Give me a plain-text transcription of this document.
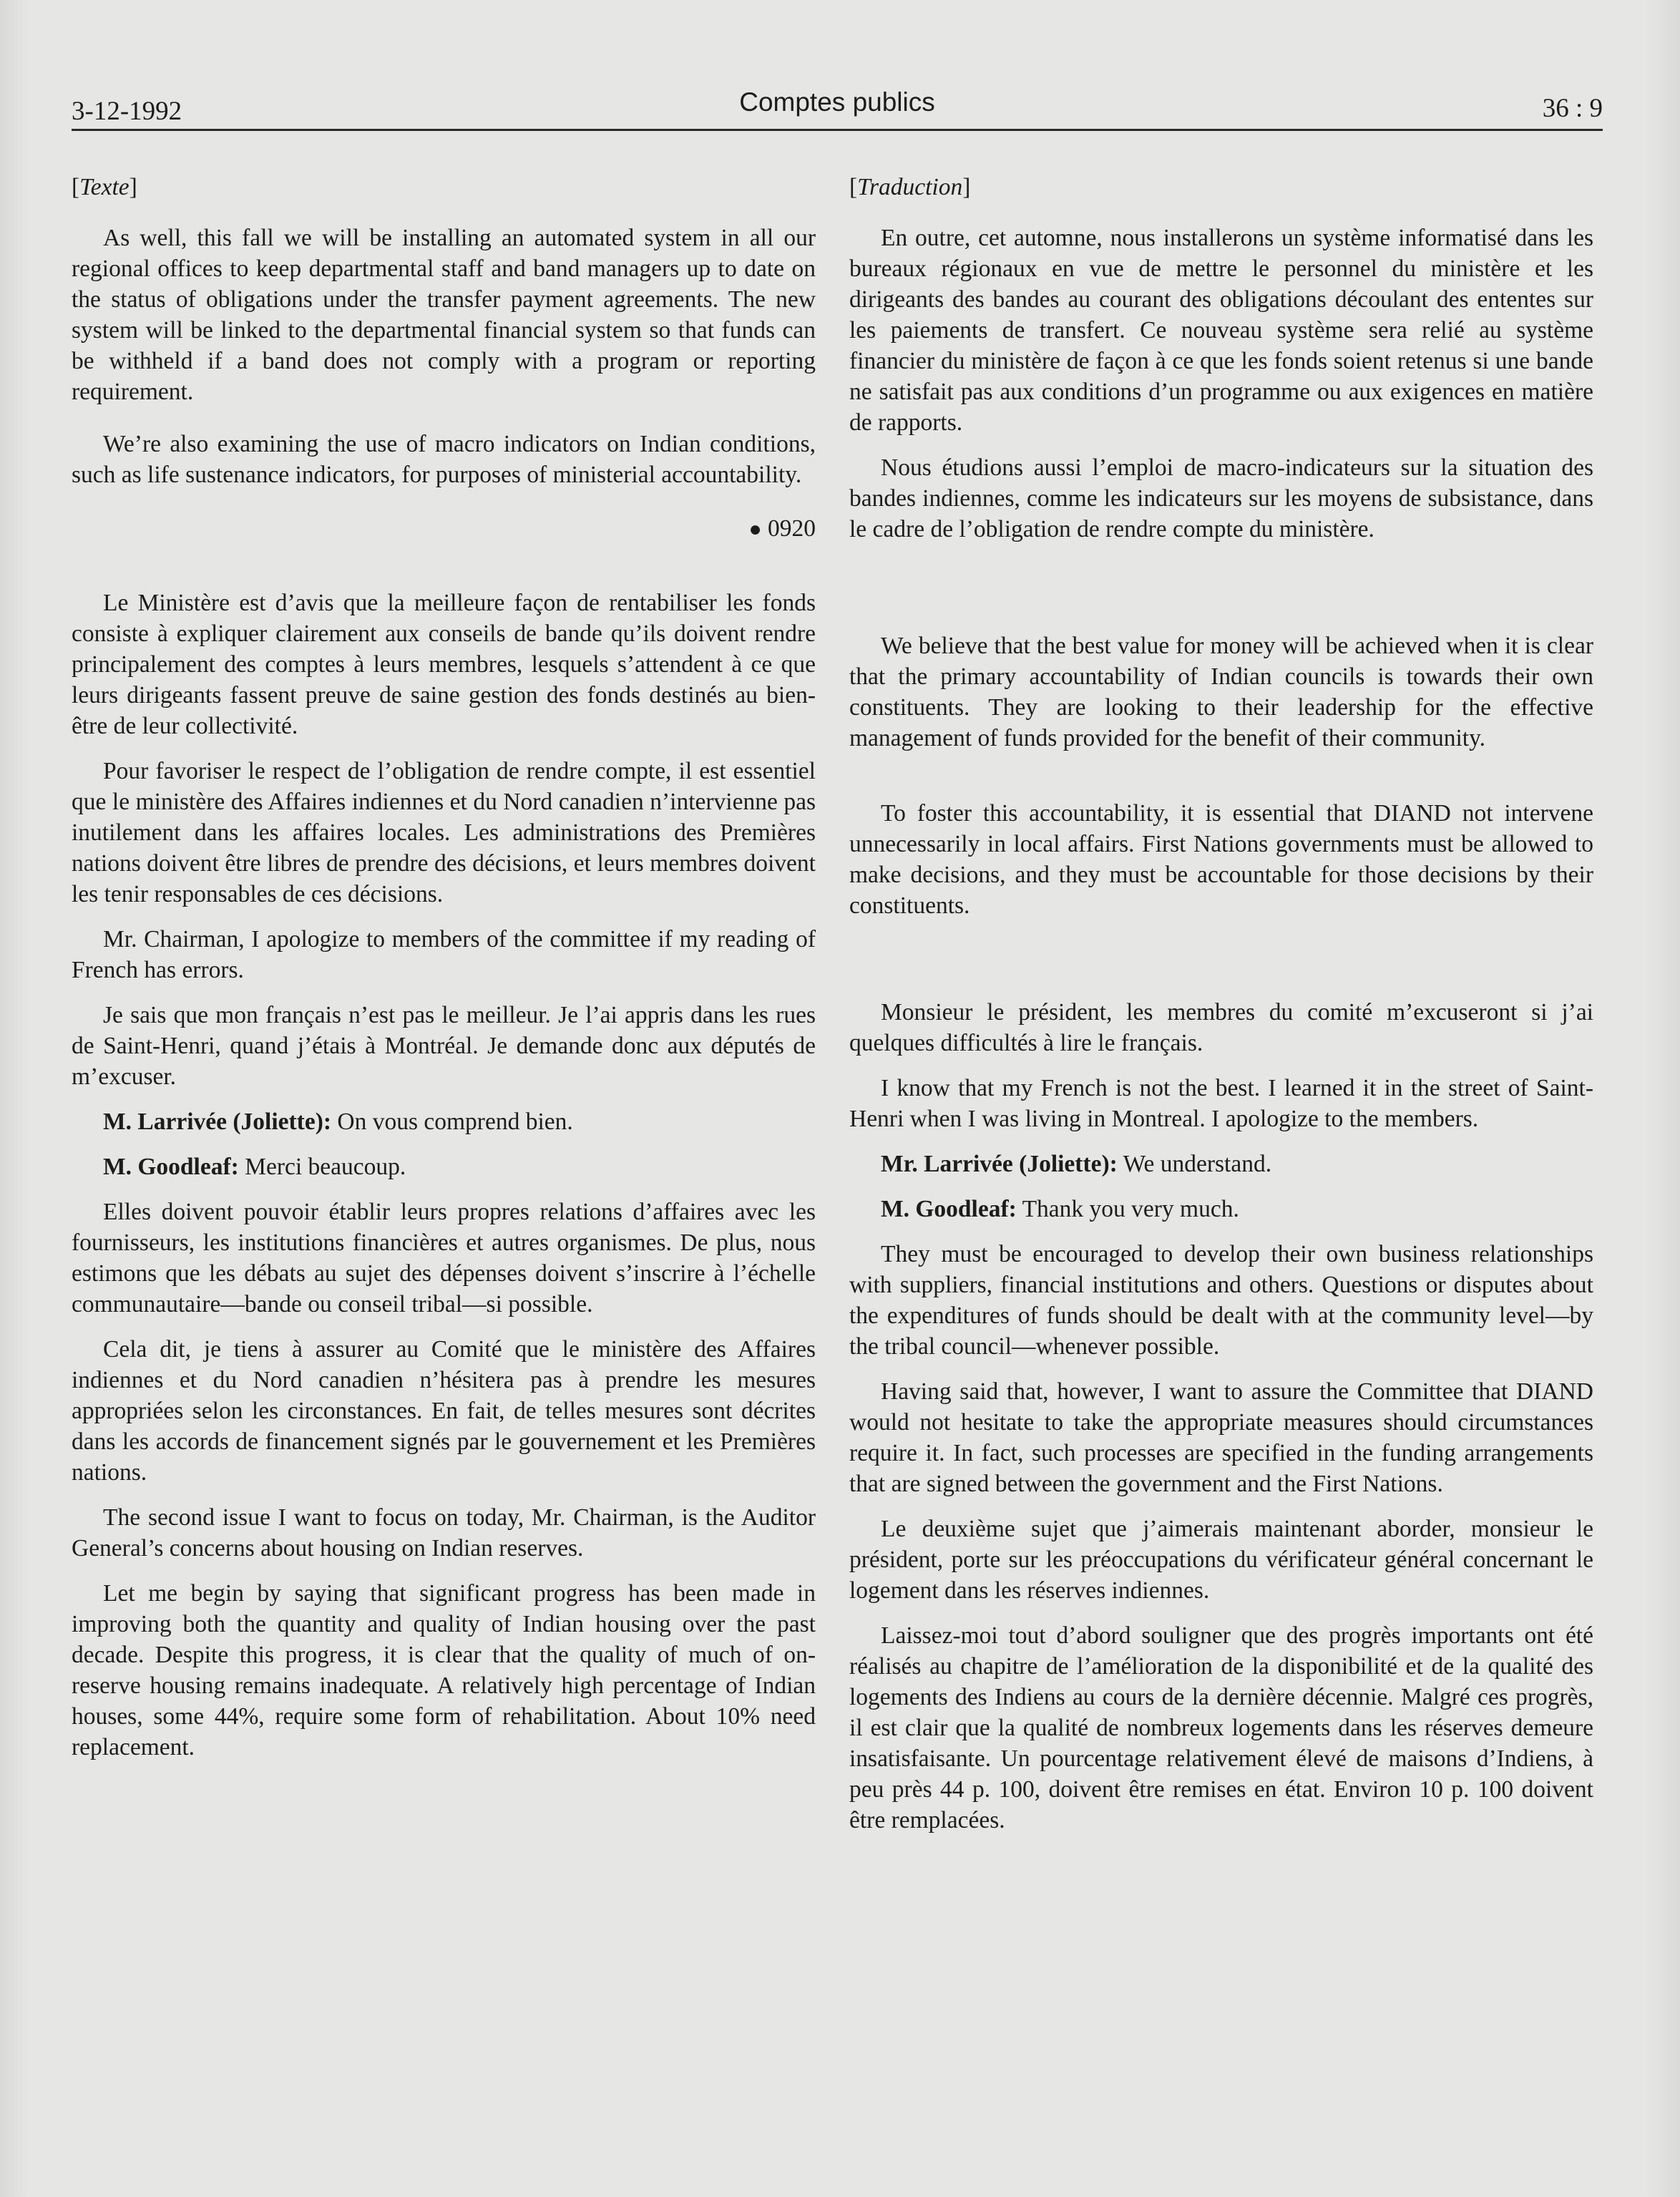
3-12-1992	Comptes publics	36 : 9
[Texte]

As well, this fall we will be installing an automated system in all our regional offices to keep departmental staff and band managers up to date on the status of obligations under the transfer payment agreements. The new system will be linked to the departmental financial system so that funds can be withheld if a band does not comply with a program or reporting requirement.

We’re also examining the use of macro indicators on Indian conditions, such as life sustenance indicators, for purposes of ministerial accountability.

● 0920

Le Ministère est d’avis que la meilleure façon de rentabiliser les fonds consiste à expliquer clairement aux conseils de bande qu’ils doivent rendre principalement des comptes à leurs membres, lesquels s’attendent à ce que leurs dirigeants fassent preuve de saine gestion des fonds destinés au bien-être de leur collectivité.

Pour favoriser le respect de l’obligation de rendre compte, il est essentiel que le ministère des Affaires indiennes et du Nord canadien n’intervienne pas inutilement dans les affaires locales. Les administrations des Premières nations doivent être libres de prendre des décisions, et leurs membres doivent les tenir responsables de ces décisions.

Mr. Chairman, I apologize to members of the committee if my reading of French has errors.

Je sais que mon français n’est pas le meilleur. Je l’ai appris dans les rues de Saint-Henri, quand j’étais à Montréal. Je demande donc aux députés de m’excuser.

M. Larrivée (Joliette): On vous comprend bien.

M. Goodleaf: Merci beaucoup.

Elles doivent pouvoir établir leurs propres relations d’affaires avec les fournisseurs, les institutions financières et autres organismes. De plus, nous estimons que les débats au sujet des dépenses doivent s’inscrire à l’échelle communautaire—bande ou conseil tribal—si possible.

Cela dit, je tiens à assurer au Comité que le ministère des Affaires indiennes et du Nord canadien n’hésitera pas à prendre les mesures appropriées selon les circonstances. En fait, de telles mesures sont décrites dans les accords de financement signés par le gouvernement et les Premières nations.

The second issue I want to focus on today, Mr. Chairman, is the Auditor General’s concerns about housing on Indian reserves.

Let me begin by saying that significant progress has been made in improving both the quantity and quality of Indian housing over the past decade. Despite this progress, it is clear that the quality of much of on-reserve housing remains inadequate. A relatively high percentage of Indian houses, some 44%, require some form of rehabilitation. About 10% need replacement.

[Traduction]

En outre, cet automne, nous installerons un système informatisé dans les bureaux régionaux en vue de mettre le personnel du ministère et les dirigeants des bandes au courant des obligations découlant des ententes sur les paiements de transfert. Ce nouveau système sera relié au système financier du ministère de façon à ce que les fonds soient retenus si une bande ne satisfait pas aux conditions d’un programme ou aux exigences en matière de rapports.

Nous étudions aussi l’emploi de macro-indicateurs sur la situation des bandes indiennes, comme les indicateurs sur les moyens de subsistance, dans le cadre de l’obligation de rendre compte du ministère.

We believe that the best value for money will be achieved when it is clear that the primary accountability of Indian councils is towards their own constituents. They are looking to their leadership for the effective management of funds provided for the benefit of their community.

To foster this accountability, it is essential that DIAND not intervene unnecessarily in local affairs. First Nations governments must be allowed to make decisions, and they must be accountable for those decisions by their constituents.

Monsieur le président, les membres du comité m’excuseront si j’ai quelques difficultés à lire le français.

I know that my French is not the best. I learned it in the street of Saint-Henri when I was living in Montreal. I apologize to the members.

Mr. Larrivée (Joliette): We understand.

M. Goodleaf: Thank you very much.

They must be encouraged to develop their own business relationships with suppliers, financial institutions and others. Questions or disputes about the expenditures of funds should be dealt with at the community level—by the tribal council—whenever possible.

Having said that, however, I want to assure the Committee that DIAND would not hesitate to take the appropriate measures should circumstances require it. In fact, such processes are specified in the funding arrangements that are signed between the government and the First Nations.

Le deuxième sujet que j’aimerais maintenant aborder, monsieur le président, porte sur les préoccupations du vérificateur général concernant le logement dans les réserves indiennes.

Laissez-moi tout d’abord souligner que des progrès importants ont été réalisés au chapitre de l’amélioration de la disponibilité et de la qualité des logements des Indiens au cours de la dernière décennie. Malgré ces progrès, il est clair que la qualité de nombreux logements dans les réserves demeure insatisfaisante. Un pourcentage relativement élevé de maisons d’Indiens, à peu près 44 p. 100, doivent être remises en état. Environ 10 p. 100 doivent être remplacées.
